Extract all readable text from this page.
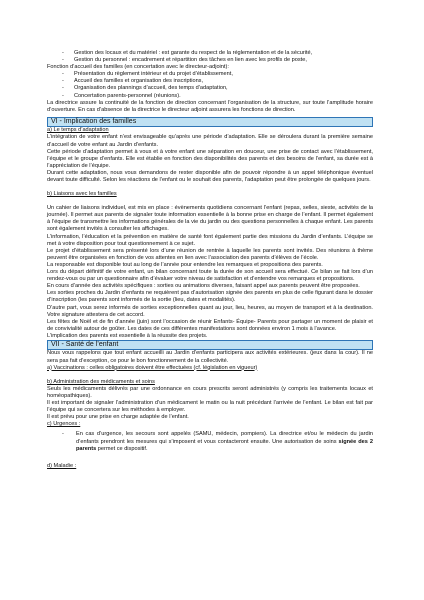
- Gestion des locaux et du matériel : est garante du respect de la réglementation et de la sécurité,
- Gestion du personnel : encadrement et répartition des tâches en lien avec les profils de poste,

Fonction d’accueil des familles (en concertation avec le directeur-adjoint):

- Présentation du règlement intérieur et du projet d’établissement,
- Accueil des familles et organisation des inscriptions,
- Organisation des plannings d’accueil, des temps d’adaptation,
- Concertation parents-personnel (réunions).

La directrice assure la continuité de la fonction de direction concernant l’organisation de la structure, sur toute l’amplitude horaire d’ouverture. En cas d’absence de la directrice le directeur adjoint assurera les fonctions de direction.

VI - Implication des familles

a) Le temps d’adaptation

L’intégration de votre enfant n’est envisageable qu’après une période d’adaptation. Elle se déroulera durant la première semaine d’accueil de votre enfant au Jardin d’enfants.

Cette période d’adaptation permet à vous et à votre enfant une séparation en douceur, une prise de contact avec l’établissement, l’équipe et le groupe d’enfants. Elle est établie en fonction des disponibilités des parents et des besoins de l’enfant, sa durée est à l’appréciation de l’équipe.

Durant cette adaptation, nous vous demandons de rester disponible afin de pouvoir répondre à un appel téléphonique éventuel devant toute difficulté. Selon les réactions de l’enfant ou le souhait des parents, l’adaptation peut être prolongée de quelques jours.

b) Liaisons avec les familles

Un cahier de liaisons individuel, est mis en place : évènements quotidiens concernant l’enfant (repas, selles, sieste, activités de la journée). Il permet aux parents de signaler toute information essentielle à la bonne prise en charge de l’enfant. Il permet également à l’équipe de transmettre les informations générales de la vie du jardin ou des questions personnelles à chaque enfant. Les parents sont également invités à consulter les affichages.

L’information, l’éducation et la prévention en matière de santé font également partie des missions du Jardin d’enfants. L’équipe se met à votre disposition pour tout questionnement à ce sujet.

Le projet d’établissement sera présenté lors d’une réunion de rentrée à laquelle les parents sont invités. Des réunions à thème peuvent être organisées en fonction de vos attentes en lien avec l’association des parents d’élèves de l’école.

La responsable est disponible tout au long de l’année pour entendre les remarques et propositions des parents.

Lors du départ définitif de votre enfant, un bilan concernant toute la durée de son accueil sera effectué. Ce bilan se fait lors d’un rendez-vous ou par un questionnaire afin d’évaluer votre niveau de satisfaction et d’entendre vos remarques et propositions.

En cours d’année des activités spécifiques : sorties ou animations diverses, faisant appel aux parents peuvent être proposées.

Les sorties proches du Jardin d’enfants ne requièrent pas d’autorisation signée des parents en plus de celle figurant dans le dossier d’inscription (les parents sont informés de la sortie (lieu, dates et modalités).

D’autre part, vous serez informés de sorties exceptionnelles quant au jour, lieu, heures, au moyen de transport et à la destination. Votre signature attestera de cet accord.

Les fêtes de Noël et de fin d’année (juin) sont l’occasion de réunir Enfants- Équipe- Parents pour partager un moment de plaisir et de convivialité autour de goûter. Les dates de ces différentes manifestations sont données environ 1 mois à l’avance.

L’implication des parents est essentielle à la réussite des projets.

VII - Santé de l’enfant

Nous vous rappelons que tout enfant accueilli au Jardin d’enfants participera aux activités extérieures. (jeux dans la cour). Il ne sera pas fait d’exception, ce pour le bon fonctionnement de la collectivité.

a) Vaccinations : celles obligatoires doivent être effectuées (cf. législation en vigueur)

b) Administration des médicaments et soins

Seuls les médicaments délivrés par une ordonnance en cours prescrits seront administrés (y compris les traitements locaux et homéopathiques).

Il est important de signaler l’administration d’un médicament le matin ou la nuit précédant l’arrivée de l’enfant. Le bilan est fait par l’équipe qui se concertera sur les méthodes à employer.

Il est prévu pour une prise en charge adaptée de l’enfant.

c) Urgences :

- En cas d’urgence, les secours sont appelés (SAMU, médecin, pompiers). La directrice et/ou le médecin du jardin d’enfants prendront les mesures qui s’imposent et vous contacteront ensuite. Une autorisation de soins signée des 2 parents permet ce dispositif.

d) Maladie :
